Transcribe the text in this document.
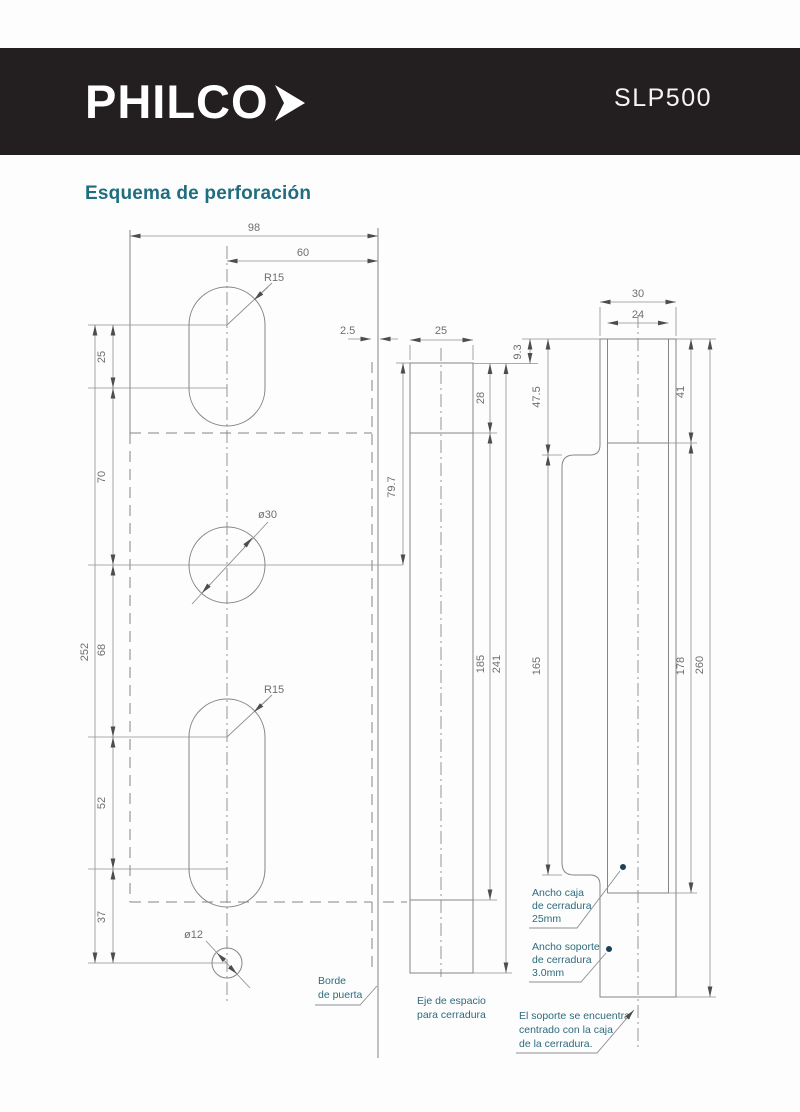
PHILCO	SLP500
Esquema de perforación
98
60
252
25
70
68
52
37
R15
ø30
R15
ø12
Borde
de puerta
2.5	25
79.7
28
185 241
Eje de espacio
para cerradura
30
24
9.3
47.5
165
41
178 260
Ancho caja
de cerradura
25mm
Ancho soporte
de cerradura
3.0mm
El soporte se encuentra
centrado con la caja
de la cerradura.
